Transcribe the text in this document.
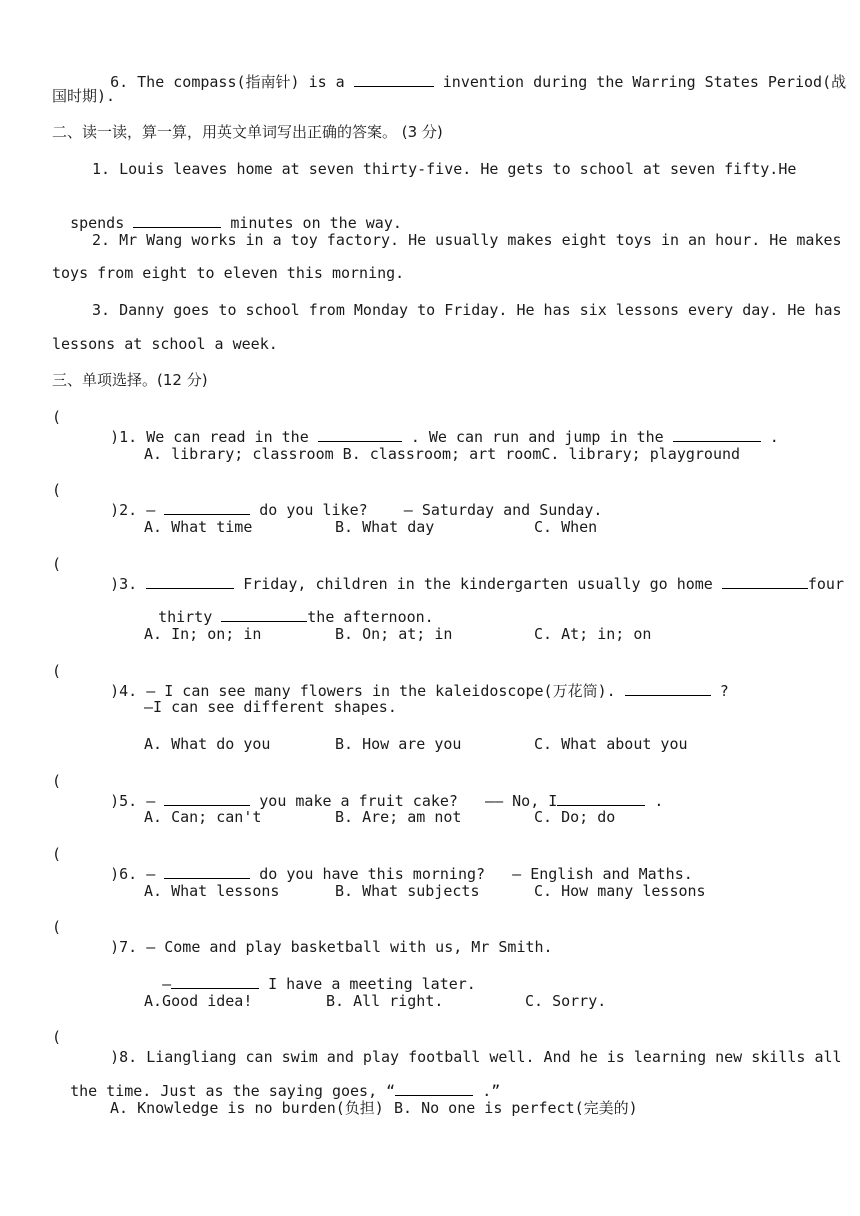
6. The compass(指南针) is a	invention during the Warring States Period(战

国时期).
二、读一读，算一算，用英文单词写出正确的答案。 (3 分)
1. Louis leaves home at seven thirty-five. He gets to school at seven fifty.He

spends	minutes on the way.

2. Mr Wang works in a toy factory. He usually makes eight toys in an hour. He makes
toys from eight to eleven this morning.
3. Danny goes to school from Monday to Friday. He has six lessons every day. He has
lessons at school a week.
三、单项选择。(12 分)
(

)1. We can read in the	. We can run and jump in the	.

A. library; classroom B. classroom; art roomC. library; playground
(

)2. —	do you like?    — Saturday and Sunday.

A. What time	B. What day	C. When
(

)3.	Friday, children in the kindergarten usually go home	four

thirty	the afternoon.

A. In; on; in	B. On; at; in	C. At; in; on
(

)4. — I can see many flowers in the kaleidoscope(万花筒).	?

—I can see different shapes.
A. What do you	B. How are you	C. What about you
(

)5. —	you make a fruit cake?   —— No, I	.

A. Can; can't	B. Are; am not	C. Do; do
(

)6. —	do you have this morning?   — English and Maths.

A. What lessons	B. What subjects	C. How many lessons
(

)7. — Come and play basketball with us, Mr Smith.

—	I have a meeting later.

A.Good idea!	B. All right.	C. Sorry.
(

)8. Liangliang can swim and play football well. And he is learning new skills all

the time. Just as the saying goes, “	.”

A. Knowledge is no burden(负担) B. No one is perfect(完美的)
